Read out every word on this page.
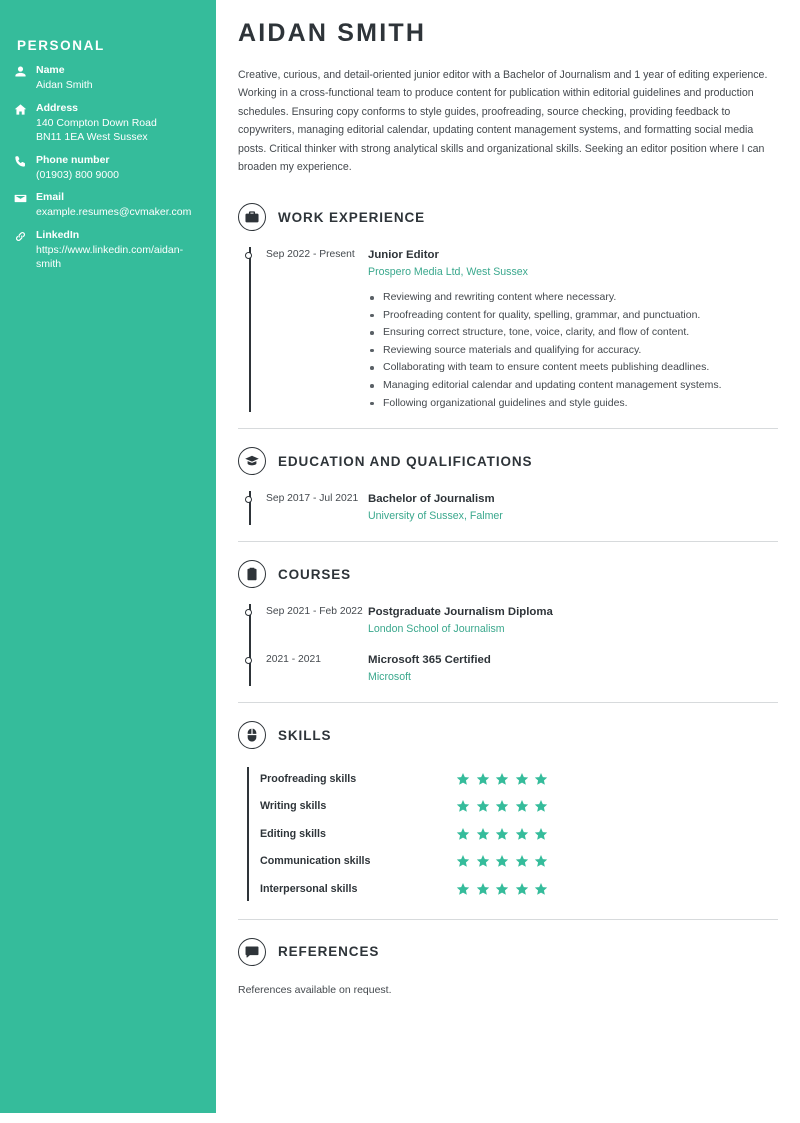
PERSONAL
Name
Aidan Smith
Address
140 Compton Down Road
BN11 1EA West Sussex
Phone number
(01903) 800 9000
Email
example.resumes@cvmaker.com
LinkedIn
https://www.linkedin.com/aidan-smith
AIDAN SMITH

Creative, curious, and detail-oriented junior editor with a Bachelor of Journalism and 1 year of editing experience. Working in a cross-functional team to produce content for publication within editorial guidelines and production schedules. Ensuring copy conforms to style guides, proofreading, source checking, providing feedback to copywriters, managing editorial calendar, updating content management systems, and formatting social media posts. Critical thinker with strong analytical skills and organizational skills. Seeking an editor position where I can broaden my experience.

WORK EXPERIENCE
Sep 2022 - Present	Junior Editor
Prospero Media Ltd, West Sussex
Reviewing and rewriting content where necessary.
Proofreading content for quality, spelling, grammar, and punctuation.
Ensuring correct structure, tone, voice, clarity, and flow of content.
Reviewing source materials and qualifying for accuracy.
Collaborating with team to ensure content meets publishing deadlines.
Managing editorial calendar and updating content management systems.
Following organizational guidelines and style guides.
EDUCATION AND QUALIFICATIONS
Sep 2017 - Jul 2021 Bachelor of Journalism
University of Sussex, Falmer
COURSES
Sep 2021 - Feb 2022 Postgraduate Journalism Diploma
London School of Journalism
2021 - 2021	Microsoft 365 Certified
Microsoft
SKILLS
Proofreading skills
Writing skills
Editing skills
Communication skills
Interpersonal skills
REFERENCES
References available on request.
